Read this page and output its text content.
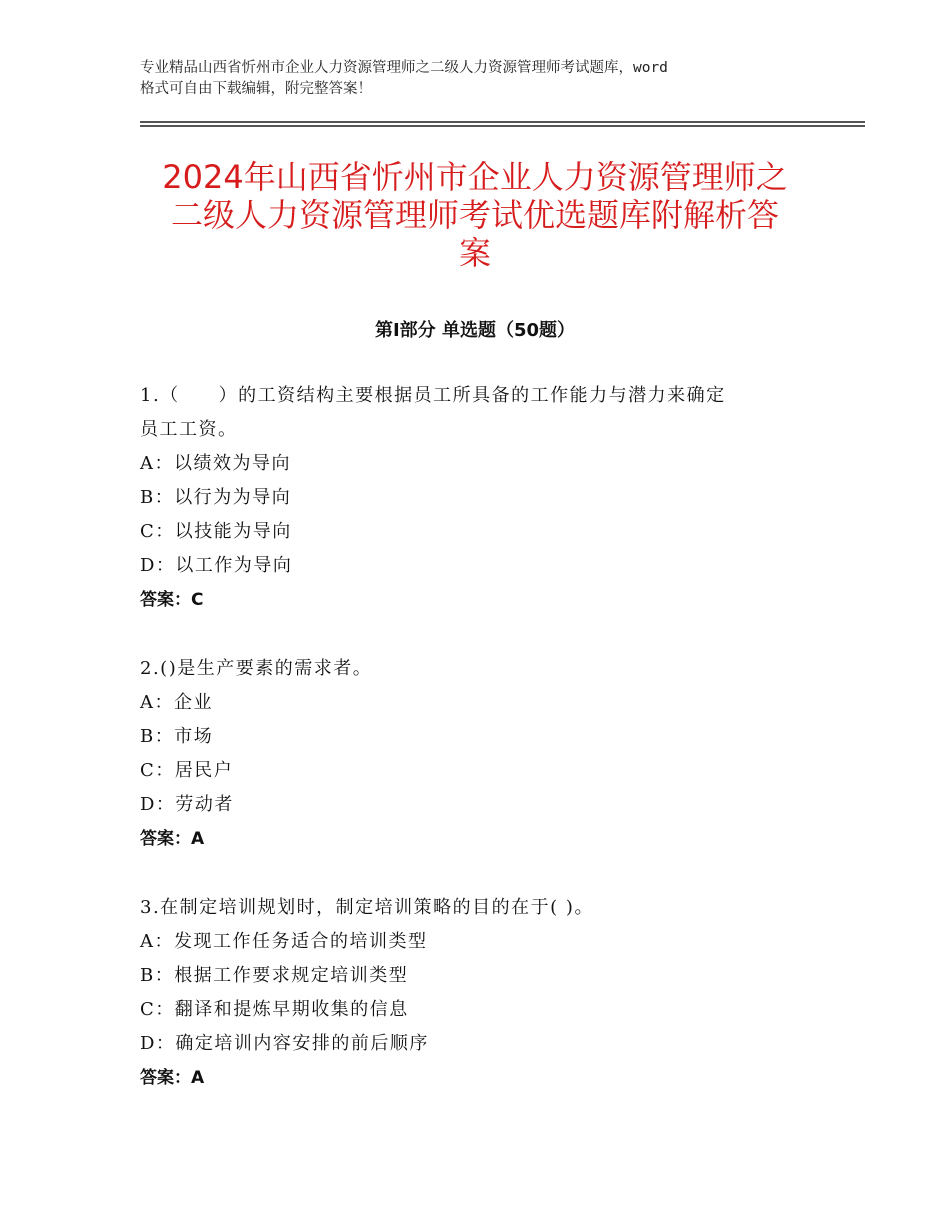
专业精品山西省忻州市企业人力资源管理师之二级人力资源管理师考试题库，word
格式可自由下载编辑，附完整答案！
2024年山西省忻州市企业人力资源管理师之
二级人力资源管理师考试优选题库附解析答
案
第Ⅰ部分 单选题（50题）
1.（　　）的工资结构主要根据员工所具备的工作能力与潜力来确定
员工工资。
A：以绩效为导向
B：以行为为导向
C：以技能为导向
D：以工作为导向
答案：C
2.()是生产要素的需求者。
A：企业
B：市场
C：居民户
D：劳动者
答案：A
3.在制定培训规划时，制定培训策略的目的在于( )。
A：发现工作任务适合的培训类型
B：根据工作要求规定培训类型
C：翻译和提炼早期收集的信息
D：确定培训内容安排的前后顺序
答案：A
